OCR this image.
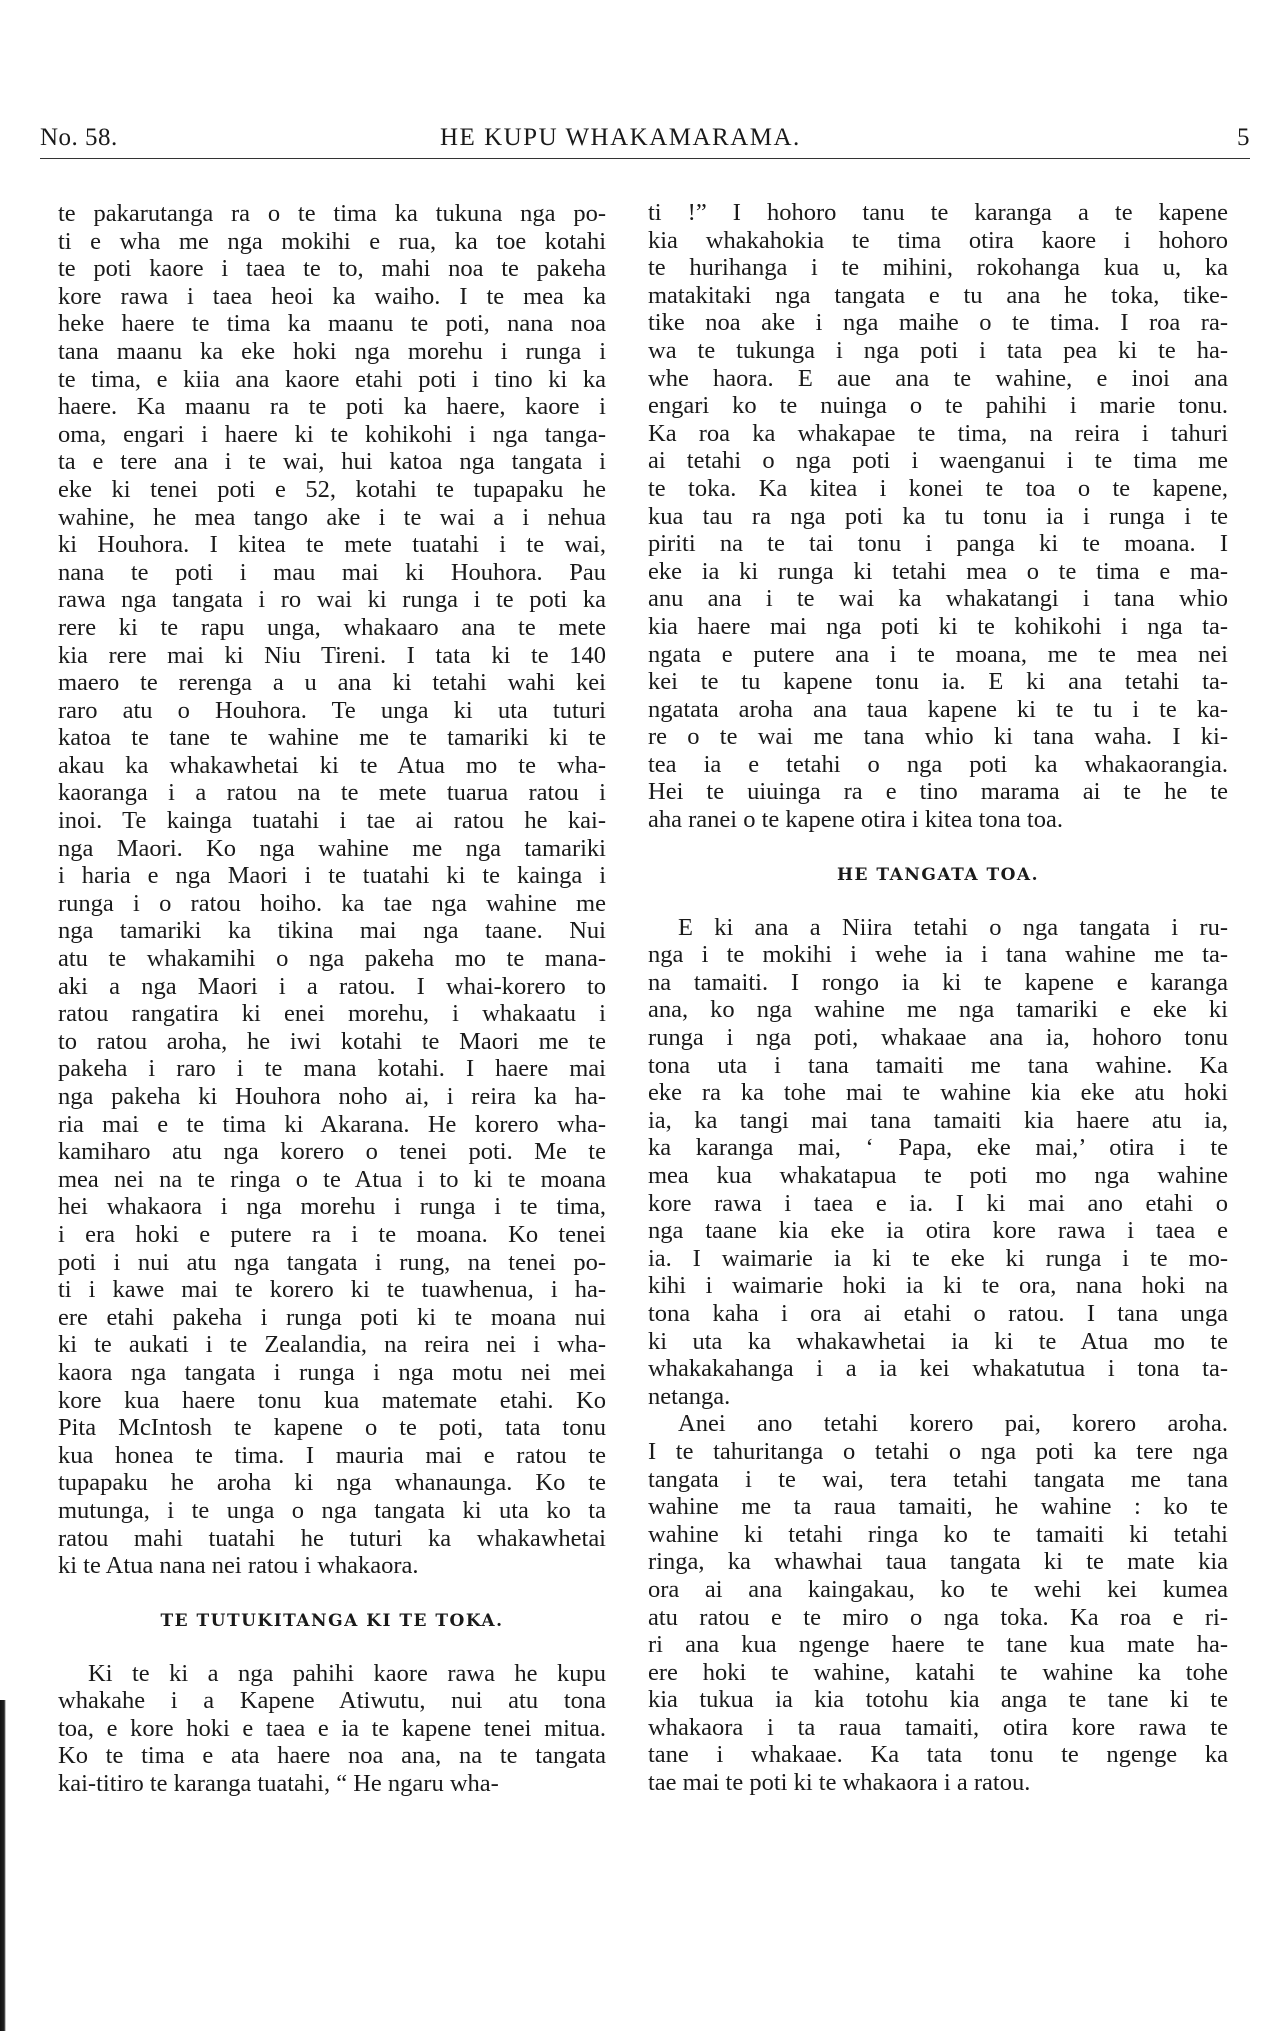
No. 58.	HE KUPU WHAKAMARAMA.	5
te pakarutanga ra o te tima ka tukuna nga po-
ti e wha me nga mokihi e rua, ka toe kotahi
te poti kaore i taea te to, mahi noa te pakeha
kore rawa i taea heoi ka waiho. I te mea ka
heke haere te tima ka maanu te poti, nana noa
tana maanu ka eke hoki nga morehu i runga i
te tima, e kiia ana kaore etahi poti i tino ki ka
haere. Ka maanu ra te poti ka haere, kaore i
oma, engari i haere ki te kohikohi i nga tanga-
ta e tere ana i te wai, hui katoa nga tangata i
eke ki tenei poti e 52, kotahi te tupapaku he
wahine, he mea tango ake i te wai a i nehua
ki Houhora. I kitea te mete tuatahi i te wai,
nana te poti i mau mai ki Houhora. Pau
rawa nga tangata i ro wai ki runga i te poti ka
rere ki te rapu unga, whakaaro ana te mete
kia rere mai ki Niu Tireni. I tata ki te 140
maero te rerenga a u ana ki tetahi wahi kei
raro atu o Houhora. Te unga ki uta tuturi
katoa te tane te wahine me te tamariki ki te
akau ka whakawhetai ki te Atua mo te wha-
kaoranga i a ratou na te mete tuarua ratou i
inoi. Te kainga tuatahi i tae ai ratou he kai-
nga Maori. Ko nga wahine me nga tamariki
i haria e nga Maori i te tuatahi ki te kainga i
runga i o ratou hoiho. ka tae nga wahine me
nga tamariki ka tikina mai nga taane. Nui
atu te whakamihi o nga pakeha mo te mana-
aki a nga Maori i a ratou. I whai-korero to
ratou rangatira ki enei morehu, i whakaatu i
to ratou aroha, he iwi kotahi te Maori me te
pakeha i raro i te mana kotahi. I haere mai
nga pakeha ki Houhora noho ai, i reira ka ha-
ria mai e te tima ki Akarana. He korero wha-
kamiharo atu nga korero o tenei poti. Me te
mea nei na te ringa o te Atua i to ki te moana
hei whakaora i nga morehu i runga i te tima,
i era hoki e putere ra i te moana. Ko tenei
poti i nui atu nga tangata i rung, na tenei po-
ti i kawe mai te korero ki te tuawhenua, i ha-
ere etahi pakeha i runga poti ki te moana nui
ki te aukati i te Zealandia, na reira nei i wha-
kaora nga tangata i runga i nga motu nei mei
kore kua haere tonu kua matemate etahi. Ko
Pita McIntosh te kapene o te poti, tata tonu
kua honea te tima. I mauria mai e ratou te
tupapaku he aroha ki nga whanaunga. Ko te
mutunga, i te unga o nga tangata ki uta ko ta
ratou mahi tuatahi he tuturi ka whakawhetai
ki te Atua nana nei ratou i whakaora.
TE TUTUKITANGA KI TE TOKA.
Ki te ki a nga pahihi kaore rawa he kupu
whakahe i a Kapene Atiwutu, nui atu tona
toa, e kore hoki e taea e ia te kapene tenei mitua.
Ko te tima e ata haere noa ana, na te tangata
kai-titiro te karanga tuatahi, “ He ngaru wha-
ti !” I hohoro tanu te karanga a te kapene
kia whakahokia te tima otira kaore i hohoro
te hurihanga i te mihini, rokohanga kua u, ka
matakitaki nga tangata e tu ana he toka, tike-
tike noa ake i nga maihe o te tima. I roa ra-
wa te tukunga i nga poti i tata pea ki te ha-
whe haora. E aue ana te wahine, e inoi ana
engari ko te nuinga o te pahihi i marie tonu.
Ka roa ka whakapae te tima, na reira i tahuri
ai tetahi o nga poti i waenganui i te tima me
te toka. Ka kitea i konei te toa o te kapene,
kua tau ra nga poti ka tu tonu ia i runga i te
piriti na te tai tonu i panga ki te moana. I
eke ia ki runga ki tetahi mea o te tima e ma-
anu ana i te wai ka whakatangi i tana whio
kia haere mai nga poti ki te kohikohi i nga ta-
ngata e putere ana i te moana, me te mea nei
kei te tu kapene tonu ia. E ki ana tetahi ta-
ngatata aroha ana taua kapene ki te tu i te ka-
re o te wai me tana whio ki tana waha. I ki-
tea ia e tetahi o nga poti ka whakaorangia.
Hei te uiuinga ra e tino marama ai te he te
aha ranei o te kapene otira i kitea tona toa.
HE TANGATA TOA.
E ki ana a Niira tetahi o nga tangata i ru-
nga i te mokihi i wehe ia i tana wahine me ta-
na tamaiti. I rongo ia ki te kapene e karanga
ana, ko nga wahine me nga tamariki e eke ki
runga i nga poti, whakaae ana ia, hohoro tonu
tona uta i tana tamaiti me tana wahine. Ka
eke ra ka tohe mai te wahine kia eke atu hoki
ia, ka tangi mai tana tamaiti kia haere atu ia,
ka karanga mai, ‘ Papa, eke mai,’ otira i te
mea kua whakatapua te poti mo nga wahine
kore rawa i taea e ia. I ki mai ano etahi o
nga taane kia eke ia otira kore rawa i taea e
ia. I waimarie ia ki te eke ki runga i te mo-
kihi i waimarie hoki ia ki te ora, nana hoki na
tona kaha i ora ai etahi o ratou. I tana unga
ki uta ka whakawhetai ia ki te Atua mo te
whakakahanga i a ia kei whakatutua i tona ta-
netanga.
Anei ano tetahi korero pai, korero aroha.
I te tahuritanga o tetahi o nga poti ka tere nga
tangata i te wai, tera tetahi tangata me tana
wahine me ta raua tamaiti, he wahine : ko te
wahine ki tetahi ringa ko te tamaiti ki tetahi
ringa, ka whawhai taua tangata ki te mate kia
ora ai ana kaingakau, ko te wehi kei kumea
atu ratou e te miro o nga toka. Ka roa e ri-
ri ana kua ngenge haere te tane kua mate ha-
ere hoki te wahine, katahi te wahine ka tohe
kia tukua ia kia totohu kia anga te tane ki te
whakaora i ta raua tamaiti, otira kore rawa te
tane i whakaae. Ka tata tonu te ngenge ka
tae mai te poti ki te whakaora i a ratou.
